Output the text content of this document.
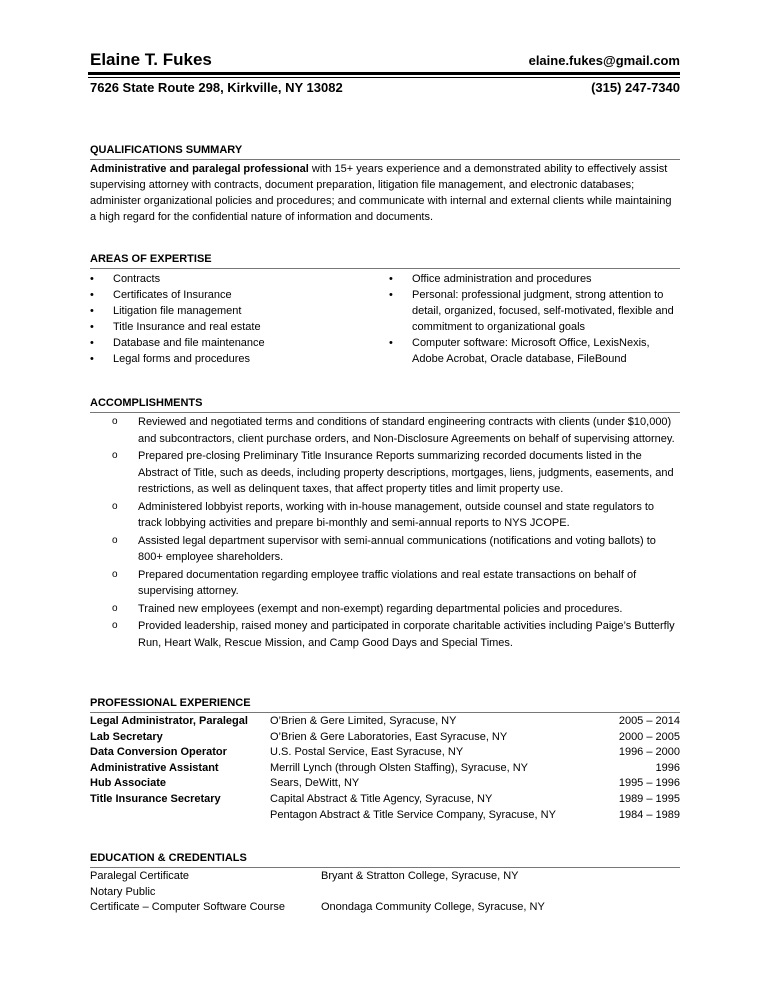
Elaine T. Fukes	elaine.fukes@gmail.com
7626 State Route 298, Kirkville, NY 13082	(315) 247-7340
QUALIFICATIONS SUMMARY

Administrative and paralegal professional with 15+ years experience and a demonstrated ability to effectively assist supervising attorney with contracts, document preparation, litigation file management, and electronic databases; administer organizational policies and procedures; and communicate with internal and external clients while maintaining a high regard for the confidential nature of information and documents.

AREAS OF EXPERTISE
•	Contracts
•	Certificates of Insurance
•	Litigation file management
•	Title Insurance and real estate
•	Database and file maintenance
•	Legal forms and procedures
•	Office administration and procedures
•	Personal: professional judgment, strong attention to detail, organized, focused, self-motivated, flexible and commitment to organizational goals
•	Computer software: Microsoft Office, LexisNexis, Adobe Acrobat, Oracle database, FileBound
ACCOMPLISHMENTS
o	Reviewed and negotiated terms and conditions of standard engineering contracts with clients (under $10,000) and subcontractors, client purchase orders, and Non-Disclosure Agreements on behalf of supervising attorney.
o	Prepared pre-closing Preliminary Title Insurance Reports summarizing recorded documents listed in the Abstract of Title, such as deeds, including property descriptions, mortgages, liens, judgments, easements, and restrictions, as well as delinquent taxes, that affect property titles and limit property use.
o	Administered lobbyist reports, working with in-house management, outside counsel and state regulators to track lobbying activities and prepare bi-monthly and semi-annual reports to NYS JCOPE.
o	Assisted legal department supervisor with semi-annual communications (notifications and voting ballots) to 800+ employee shareholders.
o	Prepared documentation regarding employee traffic violations and real estate transactions on behalf of supervising attorney.
o	Trained new employees (exempt and non-exempt) regarding departmental policies and procedures.
o	Provided leadership, raised money and participated in corporate charitable activities including Paige’s Butterfly Run, Heart Walk, Rescue Mission, and Camp Good Days and Special Times.
PROFESSIONAL EXPERIENCE
Legal Administrator, Paralegal	O’Brien & Gere Limited, Syracuse, NY	2005 – 2014
Lab Secretary	O’Brien & Gere Laboratories, East Syracuse, NY	2000 – 2005
Data Conversion Operator	U.S. Postal Service, East Syracuse, NY	1996 – 2000
Administrative Assistant	Merrill Lynch (through Olsten Staffing), Syracuse, NY	1996
Hub Associate	Sears, DeWitt, NY	1995 – 1996
Title Insurance Secretary	Capital Abstract & Title Agency, Syracuse, NY	1989 – 1995
	Pentagon Abstract & Title Service Company, Syracuse, NY	1984 – 1989
EDUCATION & CREDENTIALS
Paralegal Certificate	Bryant & Stratton College, Syracuse, NY
Notary Public	
Certificate – Computer Software Course	Onondaga Community College, Syracuse, NY
